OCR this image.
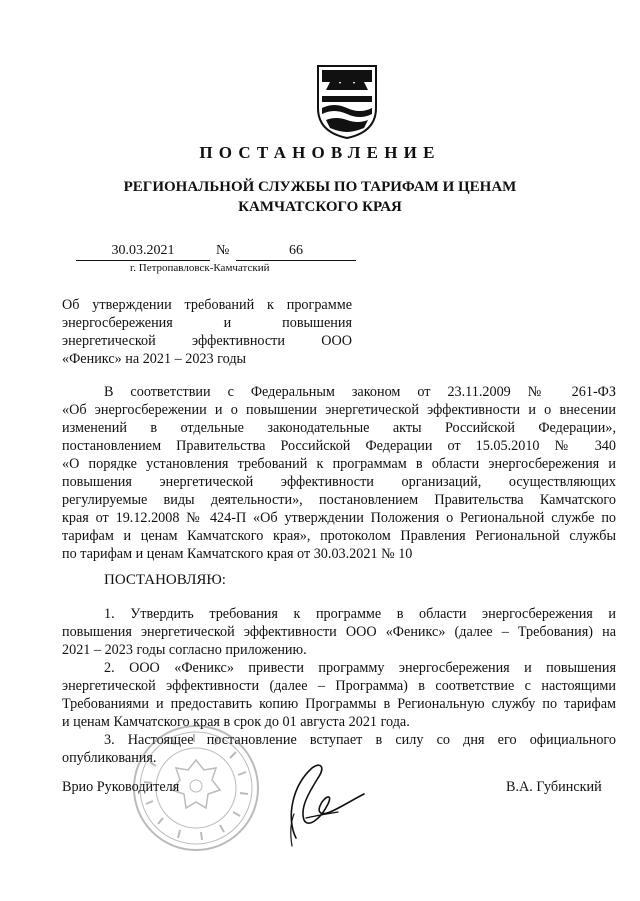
ПОСТАНОВЛЕНИЕ
РЕГИОНАЛЬНОЙ СЛУЖБЫ ПО ТАРИФАМ И ЦЕНАМ
КАМЧАТСКОГО КРАЯ
30.03.2021	№	66
г. Петропавловск-Камчатский
Об утверждении требований к программе
энергосбережения и повышения
энергетической эффективности ООО
«Феникс» на 2021 – 2023 годы
В соответствии с Федеральным законом от 23.11.2009 № 261-ФЗ
«Об энергосбережении и о повышении энергетической эффективности и о внесении
изменений в отдельные законодательные акты Российской Федерации»,
постановлением Правительства Российской Федерации от 15.05.2010 № 340
«О порядке установления требований к программам в области энергосбережения и
повышения энергетической эффективности организаций, осуществляющих
регулируемые виды деятельности», постановлением Правительства Камчатского
края от 19.12.2008 № 424-П «Об утверждении Положения о Региональной службе по
тарифам и ценам Камчатского края», протоколом Правления Региональной службы
по тарифам и ценам Камчатского края от 30.03.2021 № 10
ПОСТАНОВЛЯЮ:
1. Утвердить требования к программе в области энергосбережения и
повышения энергетической эффективности ООО «Феникс» (далее – Требования) на
2021 – 2023 годы согласно приложению.
2. ООО «Феникс» привести программу энергосбережения и повышения
энергетической эффективности (далее – Программа) в соответствие с настоящими
Требованиями и предоставить копию Программы в Региональную службу по тарифам
и ценам Камчатского края в срок до 01 августа 2021 года.
3. Настоящее постановление вступает в силу со дня его официального
опубликования.
Врио Руководителя	В.А. Губинский
